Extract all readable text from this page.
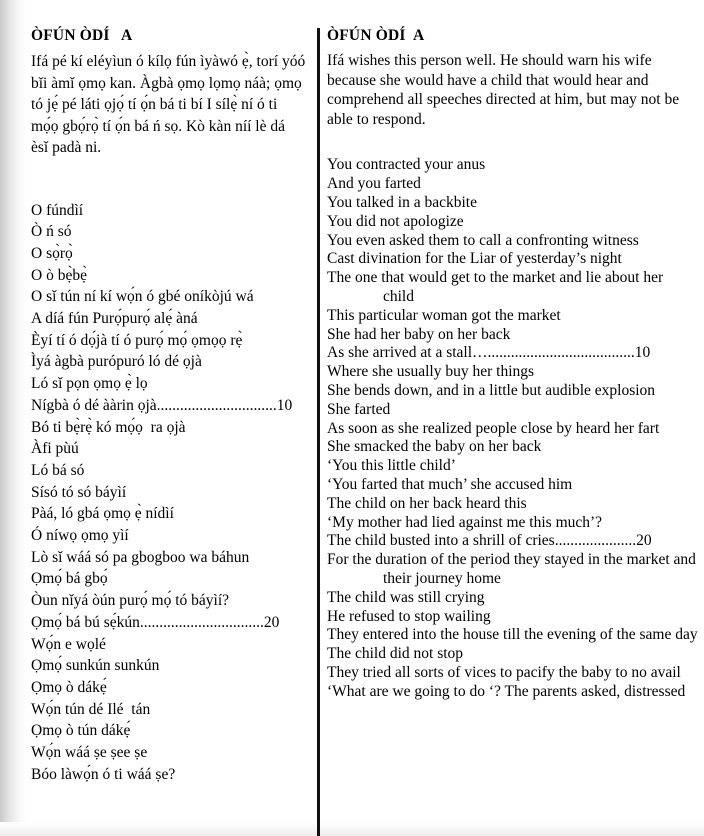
ÒFÚN ÒDÍ   A

Ifá pé kí eléyìun ó kílọ fún ìyàwó ẹ̀, torí yóó bǐi àmǐ ọmọ kan. Àgbà ọmọ lọmọ náà; ọmọ tó jẹ́ pé láti ọjọ́ tí ọ́n bá ti bí I sílẹ̀ ní ó ti mọ́ọ gbọ́rọ̀ tí ọ́n bá ń sọ. Kò kàn níí lè dá èsǐ padà ni.

O fúndìí
Ò ń só
O sọ̀rọ̀
O ò bẹ̀bẹ̀
O sǐ tún ní kí wọ́n ó gbé oníkòjú wá
A díá fún Purọ́purọ́ alẹ́ àná
Èyí tí ó dọ́jà tí ó purọ́ mọ́ ọmọọ rẹ̀
Ìyá àgbà purópuró ló dé ọjà
Ló sǐ pọn ọmọ ẹ̀ lọ
Nígbà ó dé ààrin ọjà...............................10
Bó ti bẹ̀rẹ̀ kó mọ́ọ  ra ọjà
Àfi pùú
Ló bá só
Sísó tó só báyìí
Pàá, ló gbá ọmọ ẹ̀ nídìí
Ó níwọ ọmọ yìí
Lò sǐ wáá só pa gbogboo wa báhun
Ọmọ́ bá gbọ́
Òun nǐyá òún purọ́ mọ́ tó báyìí?
Ọmọ́ bá bú sẹ́kún................................20
Wọ́n e wọlé
Ọmọ́ sunkún sunkún
Ọmọ ò dákẹ́
Wọ́n tún dé Ilé  tán
Ọmọ ò tún dákẹ́
Wọ́n wáá ṣe ṣee ṣe
Bóo làwọ́n ó ti wáá ṣe?
ÒFÚN ÒDÍ  A

Ifá wishes this person well. He should warn his wife because she would have a child that would hear and comprehend all speeches directed at him, but may not be able to respond.

You contracted your anus
And you farted
You talked in a backbite
You did not apologize
You even asked them to call a confronting witness
Cast divination for the Liar of yesterday’s night
The one that would get to the market and lie about her child
This particular woman got the market
She had her baby on her back
As she arrived at a stall…......................................10
Where she usually buy her things
She bends down, and in a little but audible explosion
She farted
As soon as she realized people close by heard her fart
She smacked the baby on her back
‘You this little child’
‘You farted that much’ she accused him
The child on her back heard this
‘My mother had lied against me this much’?
The child busted into a shrill of cries.....................20
For the duration of the period they stayed in the market and their journey home
The child was still crying
He refused to stop wailing
They entered into the house till the evening of the same day
The child did not stop
They tried all sorts of vices to pacify the baby to no avail
‘What are we going to do ‘? The parents asked, distressed
